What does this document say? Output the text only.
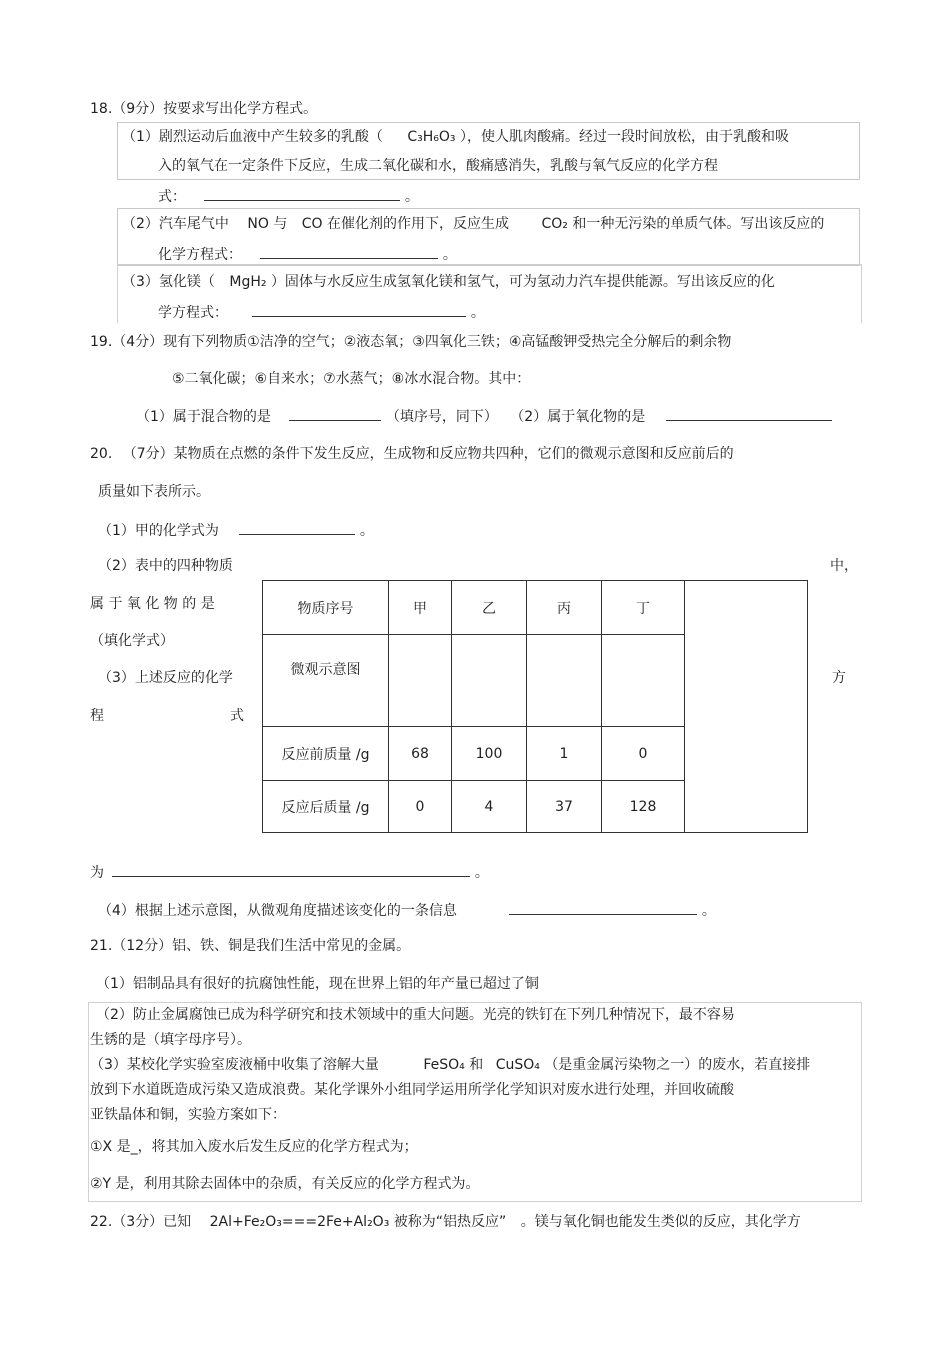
18.（9分）按要求写出化学方程式。
（1）剧烈运动后血液中产生较多的乳酸（ C₃H₆O₃ ），使人肌肉酸痛。经过一段时间放松，由于乳酸和吸
入的氧气在一定条件下反应，生成二氧化碳和水，酸痛感消失，乳酸与氧气反应的化学方程
式：	。
（2）汽车尾气中 NO 与 CO 在催化剂的作用下，反应生成 CO₂ 和一种无污染的单质气体。写出该反应的
化学方程式：	。
（3）氢化镁（ MgH₂ ）固体与水反应生成氢氧化镁和氢气，可为氢动力汽车提供能源。写出该反应的化
学方程式：	。
19.（4分）现有下列物质①洁净的空气；②液态氧；③四氧化三铁；④高锰酸钾受热完全分解后的剩余物
⑤二氧化碳；⑥自来水；⑦水蒸气；⑧冰水混合物。其中：
（1）属于混合物的是	（填序号，同下） （2）属于氧化物的是
20. （7分）某物质在点燃的条件下发生反应，生成物和反应物共四种，它们的微观示意图和反应前后的
质量如下表所示。
（1）甲的化学式为	。
（2）表中的四种物质	中，
属 于 氧 化 物 的 是
（填化学式）
（3）上述反应的化学	方
程	式
物质序号	甲	乙	丙	丁	
微观示意图					
反应前质量 /g	68	100	1	0	
反应后质量 /g	0	4	37	128	
为	。
（4）根据上述示意图，从微观角度描述该变化的一条信息	。
21.（12分）铝、铁、铜是我们生活中常见的金属。
（1）铝制品具有很好的抗腐蚀性能，现在世界上铝的年产量已超过了铜
（2）防止金属腐蚀已成为科学研究和技术领域中的重大问题。光亮的铁钉在下列几种情况下，最不容易
生锈的是（填字母序号）。
（3）某校化学实验室废液桶中收集了溶解大量	FeSO₄ 和 CuSO₄ （是重金属污染物之一）的废水，若直接排
放到下水道既造成污染又造成浪费。某化学课外小组同学运用所学化学知识对废水进行处理，并回收硫酸
亚铁晶体和铜，实验方案如下：
①X 是_，将其加入废水后发生反应的化学方程式为；
②Y 是，利用其除去固体中的杂质，有关反应的化学方程式为。
22.（3分）已知 2Al+Fe₂O₃===2Fe+Al₂O₃ 被称为“铝热反应” 。镁与氧化铜也能发生类似的反应，其化学方
